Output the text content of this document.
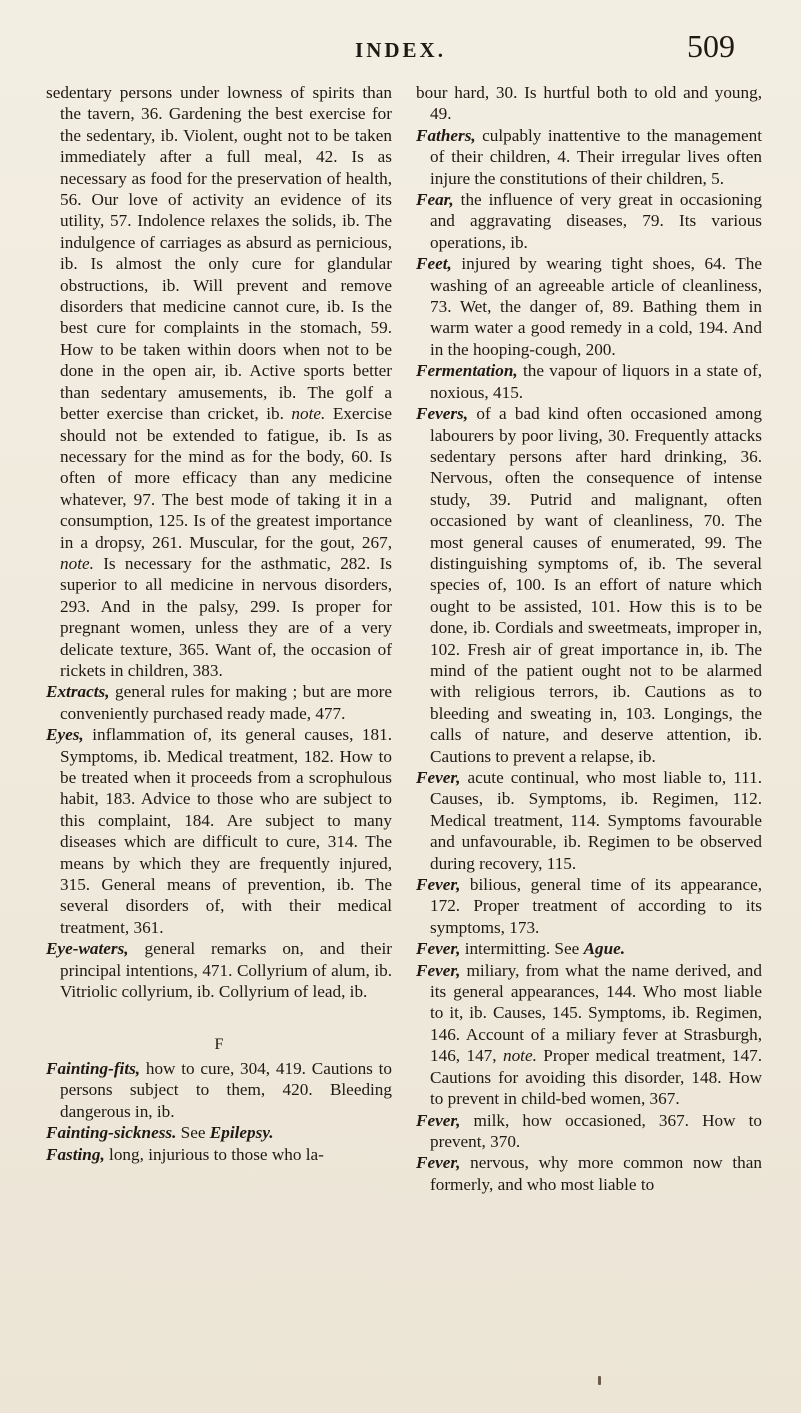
INDEX.	509

sedentary persons under lowness of spirits than the tavern, 36. Gardening the best exercise for the sedentary, ib. Violent, ought not to be taken immediately after a full meal, 42. Is as necessary as food for the preservation of health, 56. Our love of activity an evidence of its utility, 57. Indolence relaxes the solids, ib. The indulgence of carriages as absurd as pernicious, ib. Is almost the only cure for glandular obstructions, ib. Will prevent and remove disorders that medicine cannot cure, ib. Is the best cure for complaints in the stomach, 59. How to be taken within doors when not to be done in the open air, ib. Active sports better than sedentary amusements, ib. The golf a better exercise than cricket, ib. note. Exercise should not be extended to fatigue, ib. Is as necessary for the mind as for the body, 60. Is often of more efficacy than any medicine whatever, 97. The best mode of taking it in a consumption, 125. Is of the greatest importance in a dropsy, 261. Muscular, for the gout, 267, note. Is necessary for the asthmatic, 282. Is superior to all medicine in nervous disorders, 293. And in the palsy, 299. Is proper for pregnant women, unless they are of a very delicate texture, 365. Want of, the occasion of rickets in children, 383.

Extracts, general rules for making ; but are more conveniently purchased ready made, 477.

Eyes, inflammation of, its general causes, 181. Symptoms, ib. Medical treatment, 182. How to be treated when it proceeds from a scrophulous habit, 183. Advice to those who are subject to this complaint, 184. Are subject to many diseases which are difficult to cure, 314. The means by which they are frequently injured, 315. General means of prevention, ib. The several disorders of, with their medical treatment, 361.

Eye-waters, general remarks on, and their principal intentions, 471. Collyrium of alum, ib. Vitriolic collyrium, ib. Collyrium of lead, ib.

F

Fainting-fits, how to cure, 304, 419. Cautions to persons subject to them, 420. Bleeding dangerous in, ib.

Fainting-sickness. See Epilepsy.

Fasting, long, injurious to those who la-

bour hard, 30. Is hurtful both to old and young, 49.

Fathers, culpably inattentive to the management of their children, 4. Their irregular lives often injure the constitutions of their children, 5.

Fear, the influence of very great in occasioning and aggravating diseases, 79. Its various operations, ib.

Feet, injured by wearing tight shoes, 64. The washing of an agreeable article of cleanliness, 73. Wet, the danger of, 89. Bathing them in warm water a good remedy in a cold, 194. And in the hooping-cough, 200.

Fermentation, the vapour of liquors in a state of, noxious, 415.

Fevers, of a bad kind often occasioned among labourers by poor living, 30. Frequently attacks sedentary persons after hard drinking, 36. Nervous, often the consequence of intense study, 39. Putrid and malignant, often occasioned by want of cleanliness, 70. The most general causes of enumerated, 99. The distinguishing symptoms of, ib. The several species of, 100. Is an effort of nature which ought to be assisted, 101. How this is to be done, ib. Cordials and sweetmeats, improper in, 102. Fresh air of great importance in, ib. The mind of the patient ought not to be alarmed with religious terrors, ib. Cautions as to bleeding and sweating in, 103. Longings, the calls of nature, and deserve attention, ib. Cautions to prevent a relapse, ib.

Fever, acute continual, who most liable to, 111. Causes, ib. Symptoms, ib. Regimen, 112. Medical treatment, 114. Symptoms favourable and unfavourable, ib. Regimen to be observed during recovery, 115.

Fever, bilious, general time of its appearance, 172. Proper treatment of according to its symptoms, 173.

Fever, intermitting. See Ague.

Fever, miliary, from what the name derived, and its general appearances, 144. Who most liable to it, ib. Causes, 145. Symptoms, ib. Regimen, 146. Account of a miliary fever at Strasburgh, 146, 147, note. Proper medical treatment, 147. Cautions for avoiding this disorder, 148. How to prevent in child-bed women, 367.

Fever, milk, how occasioned, 367. How to prevent, 370.

Fever, nervous, why more common now than formerly, and who most liable to
